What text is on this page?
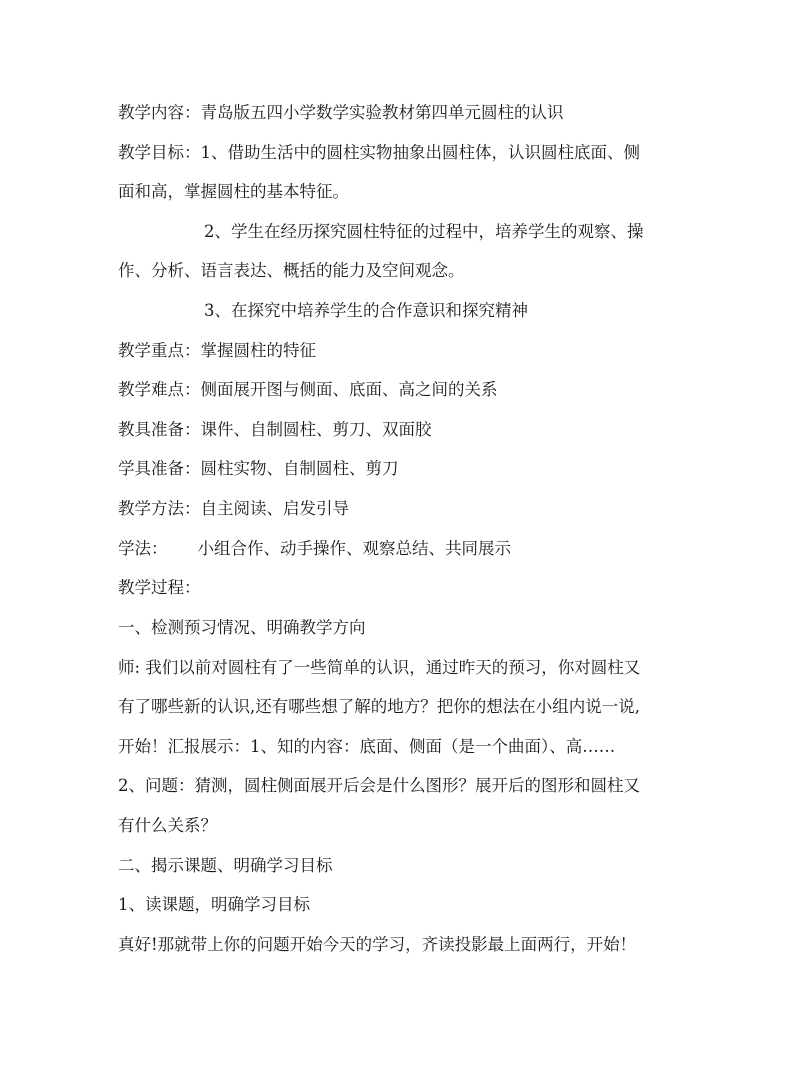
教学内容：青岛版五四小学数学实验教材第四单元圆柱的认识
教学目标：1、借助生活中的圆柱实物抽象出圆柱体，认识圆柱底面、侧
面和高，掌握圆柱的基本特征。
2、学生在经历探究圆柱特征的过程中，培养学生的观察、操
作、分析、语言表达、概括的能力及空间观念。
3、在探究中培养学生的合作意识和探究精神
教学重点：掌握圆柱的特征
教学难点：侧面展开图与侧面、底面、高之间的关系
教具准备：课件、自制圆柱、剪刀、双面胶
学具准备：圆柱实物、自制圆柱、剪刀
教学方法：自主阅读、启发引导
学法： 小组合作、动手操作、观察总结、共同展示
教学过程：
一、检测预习情况、明确教学方向
师: 我们以前对圆柱有了一些简单的认识，通过昨天的预习，你对圆柱又
有了哪些新的认识,还有哪些想了解的地方？把你的想法在小组内说一说,
开始！汇报展示：1、知的内容：底面、侧面（是一个曲面）、高……
2、问题：猜测，圆柱侧面展开后会是什么图形？展开后的图形和圆柱又
有什么关系？
二、揭示课题、明确学习目标
1、读课题，明确学习目标
真好!那就带上你的问题开始今天的学习，齐读投影最上面两行，开始！
